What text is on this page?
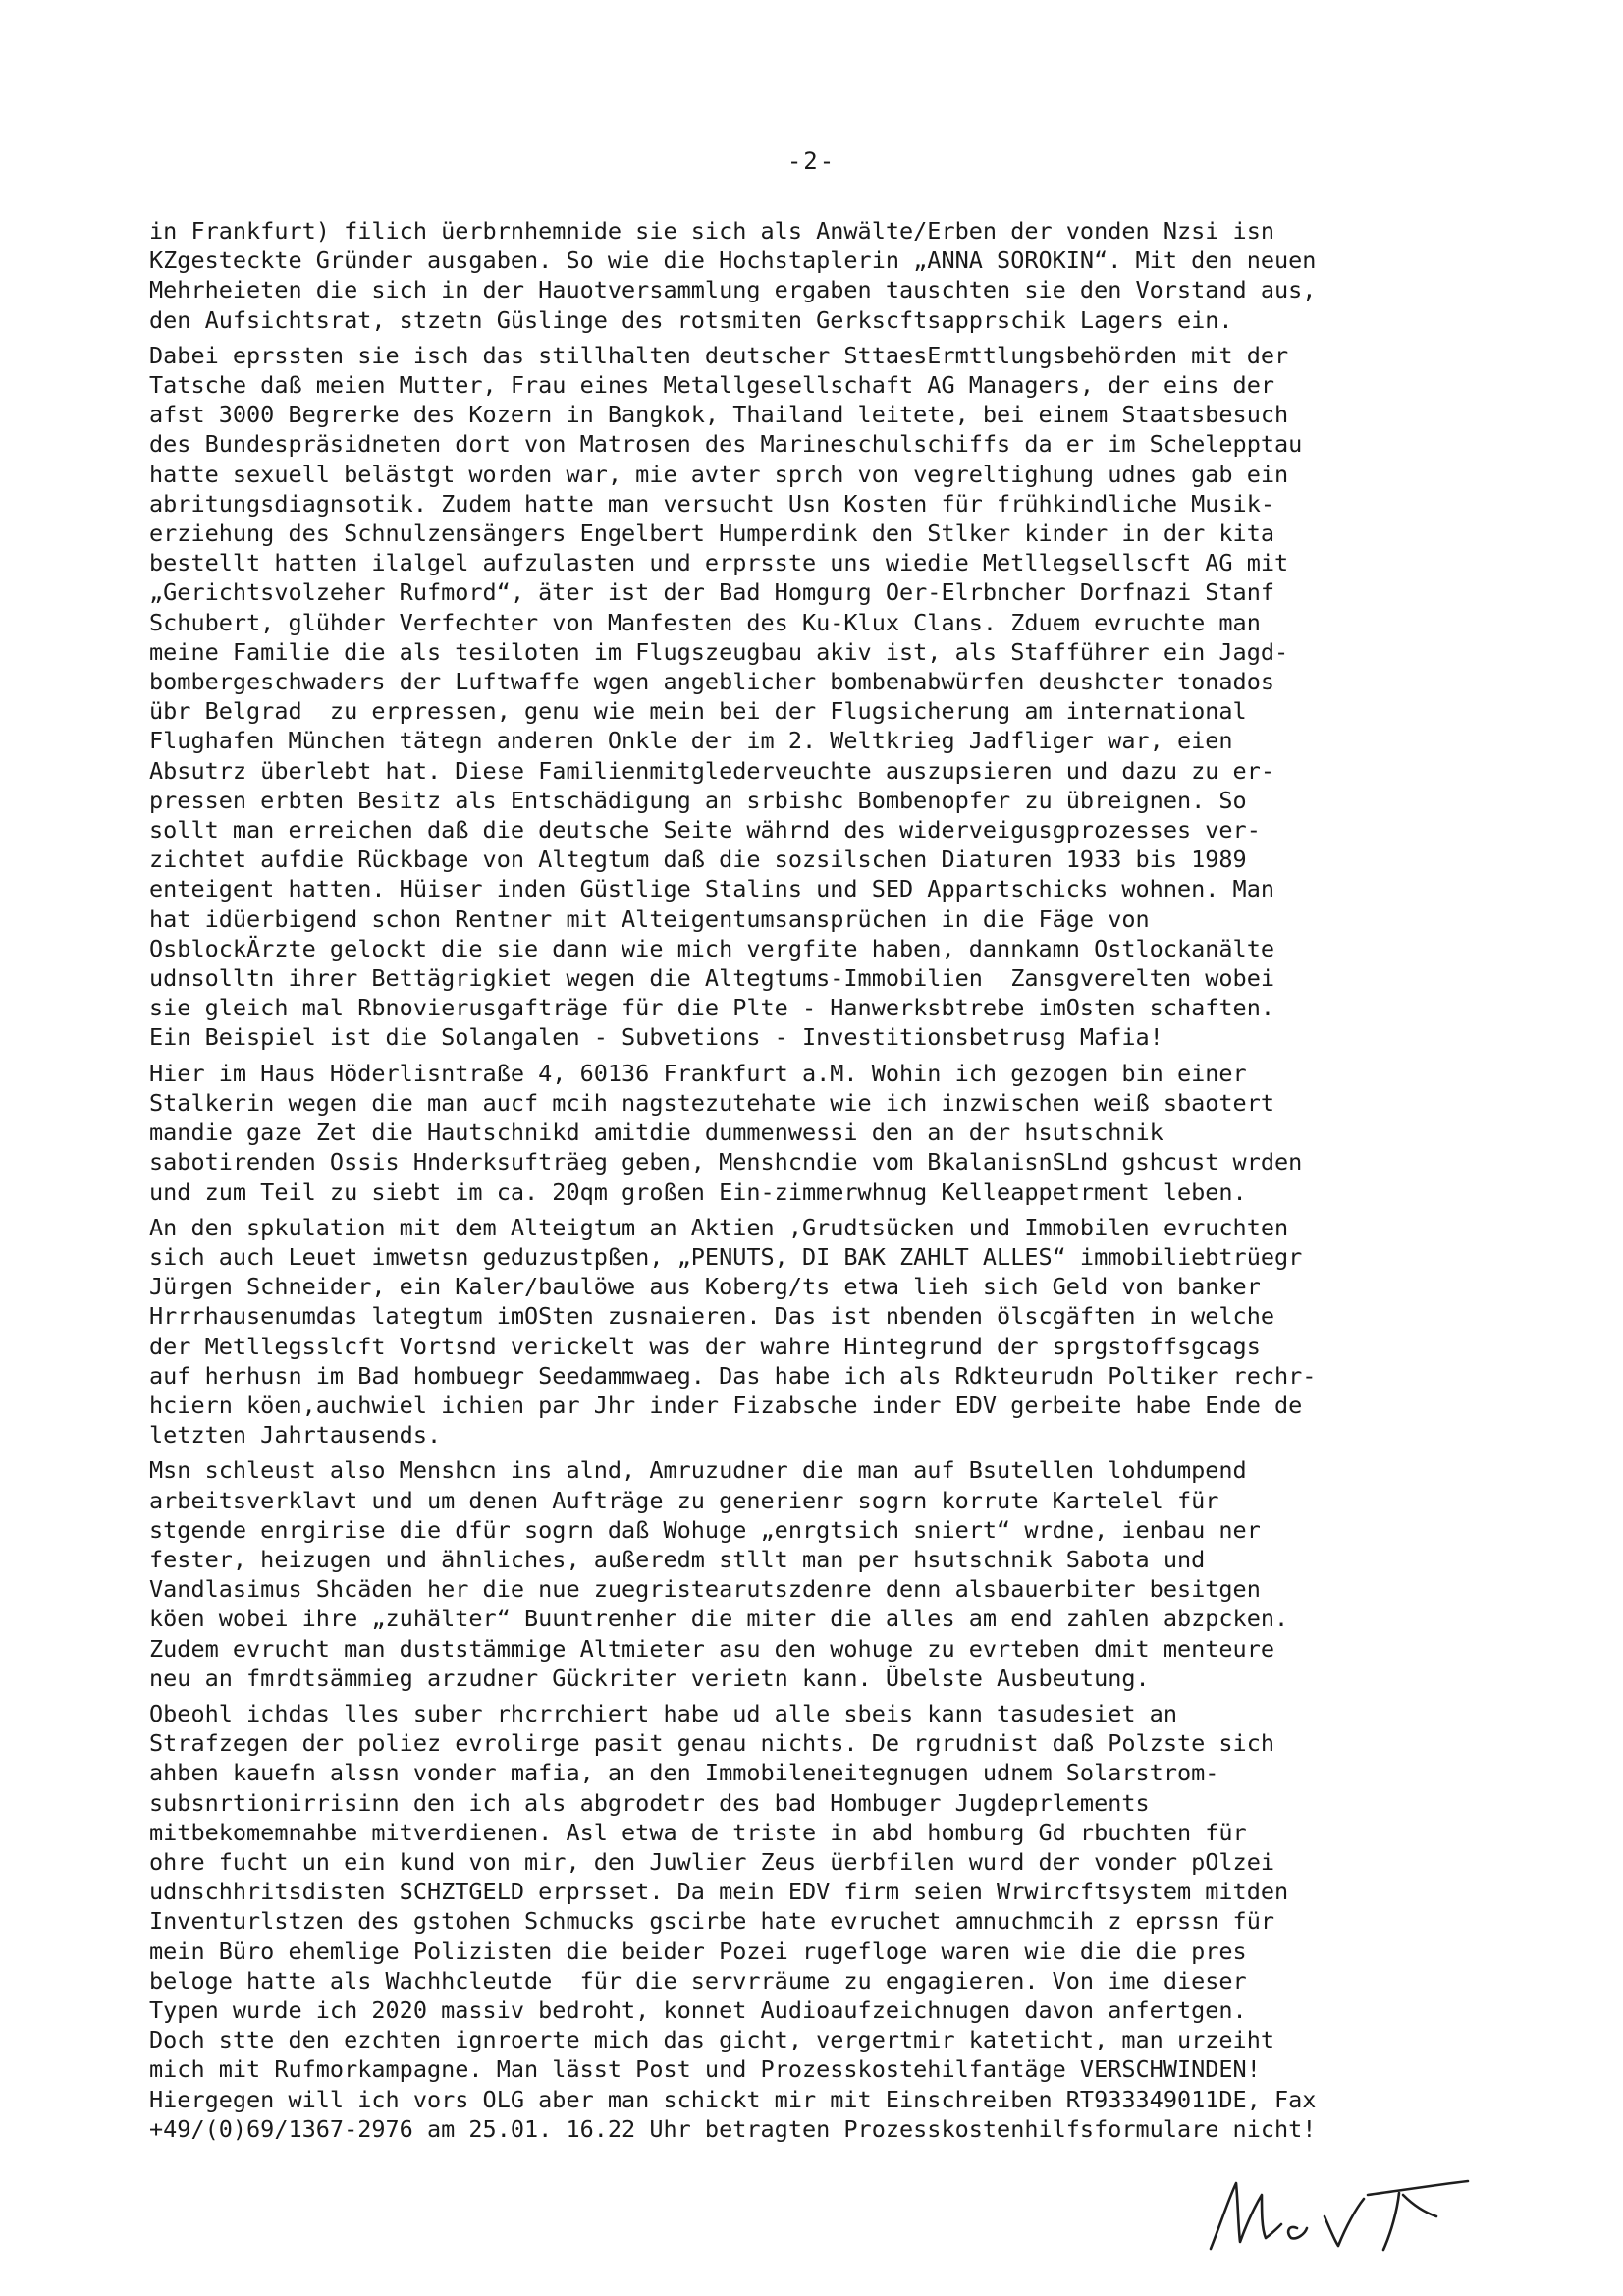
-2-
in Frankfurt) filich üerbrnhemnide sie sich als Anwälte/Erben der vonden Nzsi isn
KZgesteckte Gründer ausgaben. So wie die Hochstaplerin „ANNA SOROKIN“. Mit den neuen
Mehrheieten die sich in der Hauotversammlung ergaben tauschten sie den Vorstand aus,
den Aufsichtsrat, stzetn Güslinge des rotsmiten Gerkscftsapprschik Lagers ein.
Dabei eprssten sie isch das stillhalten deutscher SttaesErmttlungsbehörden mit der
Tatsche daß meien Mutter, Frau eines Metallgesellschaft AG Managers, der eins der
afst 3000 Begrerke des Kozern in Bangkok, Thailand leitete, bei einem Staatsbesuch
des Bundespräsidneten dort von Matrosen des Marineschulschiffs da er im Schelepptau
hatte sexuell belästgt worden war, mie avter sprch von vegreltighung udnes gab ein
abritungsdiagnsotik. Zudem hatte man versucht Usn Kosten für frühkindliche Musik-
erziehung des Schnulzensängers Engelbert Humperdink den Stlker kinder in der kita
bestellt hatten ilalgel aufzulasten und erprsste uns wiedie Metllegsellscft AG mit
„Gerichtsvolzeher Rufmord“, äter ist der Bad Homgurg Oer-Elrbncher Dorfnazi Stanf
Schubert, glühder Verfechter von Manfesten des Ku-Klux Clans. Zduem evruchte man
meine Familie die als tesiloten im Flugszeugbau akiv ist, als Stafführer ein Jagd-
bombergeschwaders der Luftwaffe wgen angeblicher bombenabwürfen deushcter tonados
übr Belgrad  zu erpressen, genu wie mein bei der Flugsicherung am international
Flughafen München tätegn anderen Onkle der im 2. Weltkrieg Jadfliger war, eien
Absutrz überlebt hat. Diese Familienmitglederveuchte auszupsieren und dazu zu er-
pressen erbten Besitz als Entschädigung an srbishc Bombenopfer zu übreignen. So
sollt man erreichen daß die deutsche Seite währnd des widerveigusgprozesses ver-
zichtet aufdie Rückbage von Altegtum daß die sozsilschen Diaturen 1933 bis 1989
enteigent hatten. Hüiser inden Güstlige Stalins und SED Appartschicks wohnen. Man
hat idüerbigend schon Rentner mit Alteigentumsansprüchen in die Fäge von
OsblockÄrzte gelockt die sie dann wie mich vergfite haben, dannkamn Ostlockanälte
udnsolltn ihrer Bettägrigkiet wegen die Altegtums-Immobilien  Zansgverelten wobei
sie gleich mal Rbnovierusgafträge für die Plte - Hanwerksbtrebe imOsten schaften.
Ein Beispiel ist die Solangalen - Subvetions - Investitionsbetrusg Mafia!
Hier im Haus Höderlisntraße 4, 60136 Frankfurt a.M. Wohin ich gezogen bin einer
Stalkerin wegen die man aucf mcih nagstezutehate wie ich inzwischen weiß sbaotert
mandie gaze Zet die Hautschnikd amitdie dummenwessi den an der hsutschnik
sabotirenden Ossis Hnderksufträeg geben, Menshcndie vom BkalanisnSLnd gshcust wrden
und zum Teil zu siebt im ca. 20qm großen Ein-zimmerwhnug Kelleappetrment leben.
An den spkulation mit dem Alteigtum an Aktien ,Grudtsücken und Immobilen evruchten
sich auch Leuet imwetsn geduzustpßen, „PENUTS, DI BAK ZAHLT ALLES“ immobiliebtrüegr
Jürgen Schneider, ein Kaler/baulöwe aus Koberg/ts etwa lieh sich Geld von banker
Hrrrhausenumdas lategtum imOSten zusnaieren. Das ist nbenden ölscgäften in welche
der Metllegsslcft Vortsnd verickelt was der wahre Hintegrund der sprgstoffsgcags
auf herhusn im Bad hombuegr Seedammwaeg. Das habe ich als Rdkteurudn Poltiker rechr-
hciern köen,auchwiel ichien par Jhr inder Fizabsche inder EDV gerbeite habe Ende de
letzten Jahrtausends.
Msn schleust also Menshcn ins alnd, Amruzudner die man auf Bsutellen lohdumpend
arbeitsverklavt und um denen Aufträge zu generienr sogrn korrute Kartelel für
stgende enrgirise die dfür sogrn daß Wohuge „enrgtsich sniert“ wrdne, ienbau ner
fester, heizugen und ähnliches, außeredm stllt man per hsutschnik Sabota und
Vandlasimus Shcäden her die nue zuegristearutszdenre denn alsbauerbiter besitgen
köen wobei ihre „zuhälter“ Buuntrenher die miter die alles am end zahlen abzpcken.
Zudem evrucht man duststämmige Altmieter asu den wohuge zu evrteben dmit menteure
neu an fmrdtsämmieg arzudner Gückriter verietn kann. Übelste Ausbeutung.
Obeohl ichdas lles suber rhcrrchiert habe ud alle sbeis kann tasudesiet an
Strafzegen der poliez evrolirge pasit genau nichts. De rgrudnist daß Polzste sich
ahben kauefn alssn vonder mafia, an den Immobileneitegnugen udnem Solarstrom-
subsnrtionirrisinn den ich als abgrodetr des bad Hombuger Jugdeprlements
mitbekomemnahbe mitverdienen. Asl etwa de triste in abd homburg Gd rbuchten für
ohre fucht un ein kund von mir, den Juwlier Zeus üerbfilen wurd der vonder pOlzei
udnschhritsdisten SCHZTGELD erprsset. Da mein EDV firm seien Wrwircftsystem mitden
Inventurlstzen des gstohen Schmucks gscirbe hate evruchet amnuchmcih z eprssn für
mein Büro ehemlige Polizisten die beider Pozei rugefloge waren wie die die pres
beloge hatte als Wachhcleutde  für die servrräume zu engagieren. Von ime dieser
Typen wurde ich 2020 massiv bedroht, konnet Audioaufzeichnugen davon anfertgen.
Doch stte den ezchten ignroerte mich das gicht, vergertmir kateticht, man urzeiht
mich mit Rufmorkampagne. Man lässt Post und Prozesskostehilfantäge VERSCHWINDEN!
Hiergegen will ich vors OLG aber man schickt mir mit Einschreiben RT933349011DE, Fax
+49/(0)69/1367-2976 am 25.01. 16.22 Uhr betragten Prozesskostenhilfsformulare nicht!
